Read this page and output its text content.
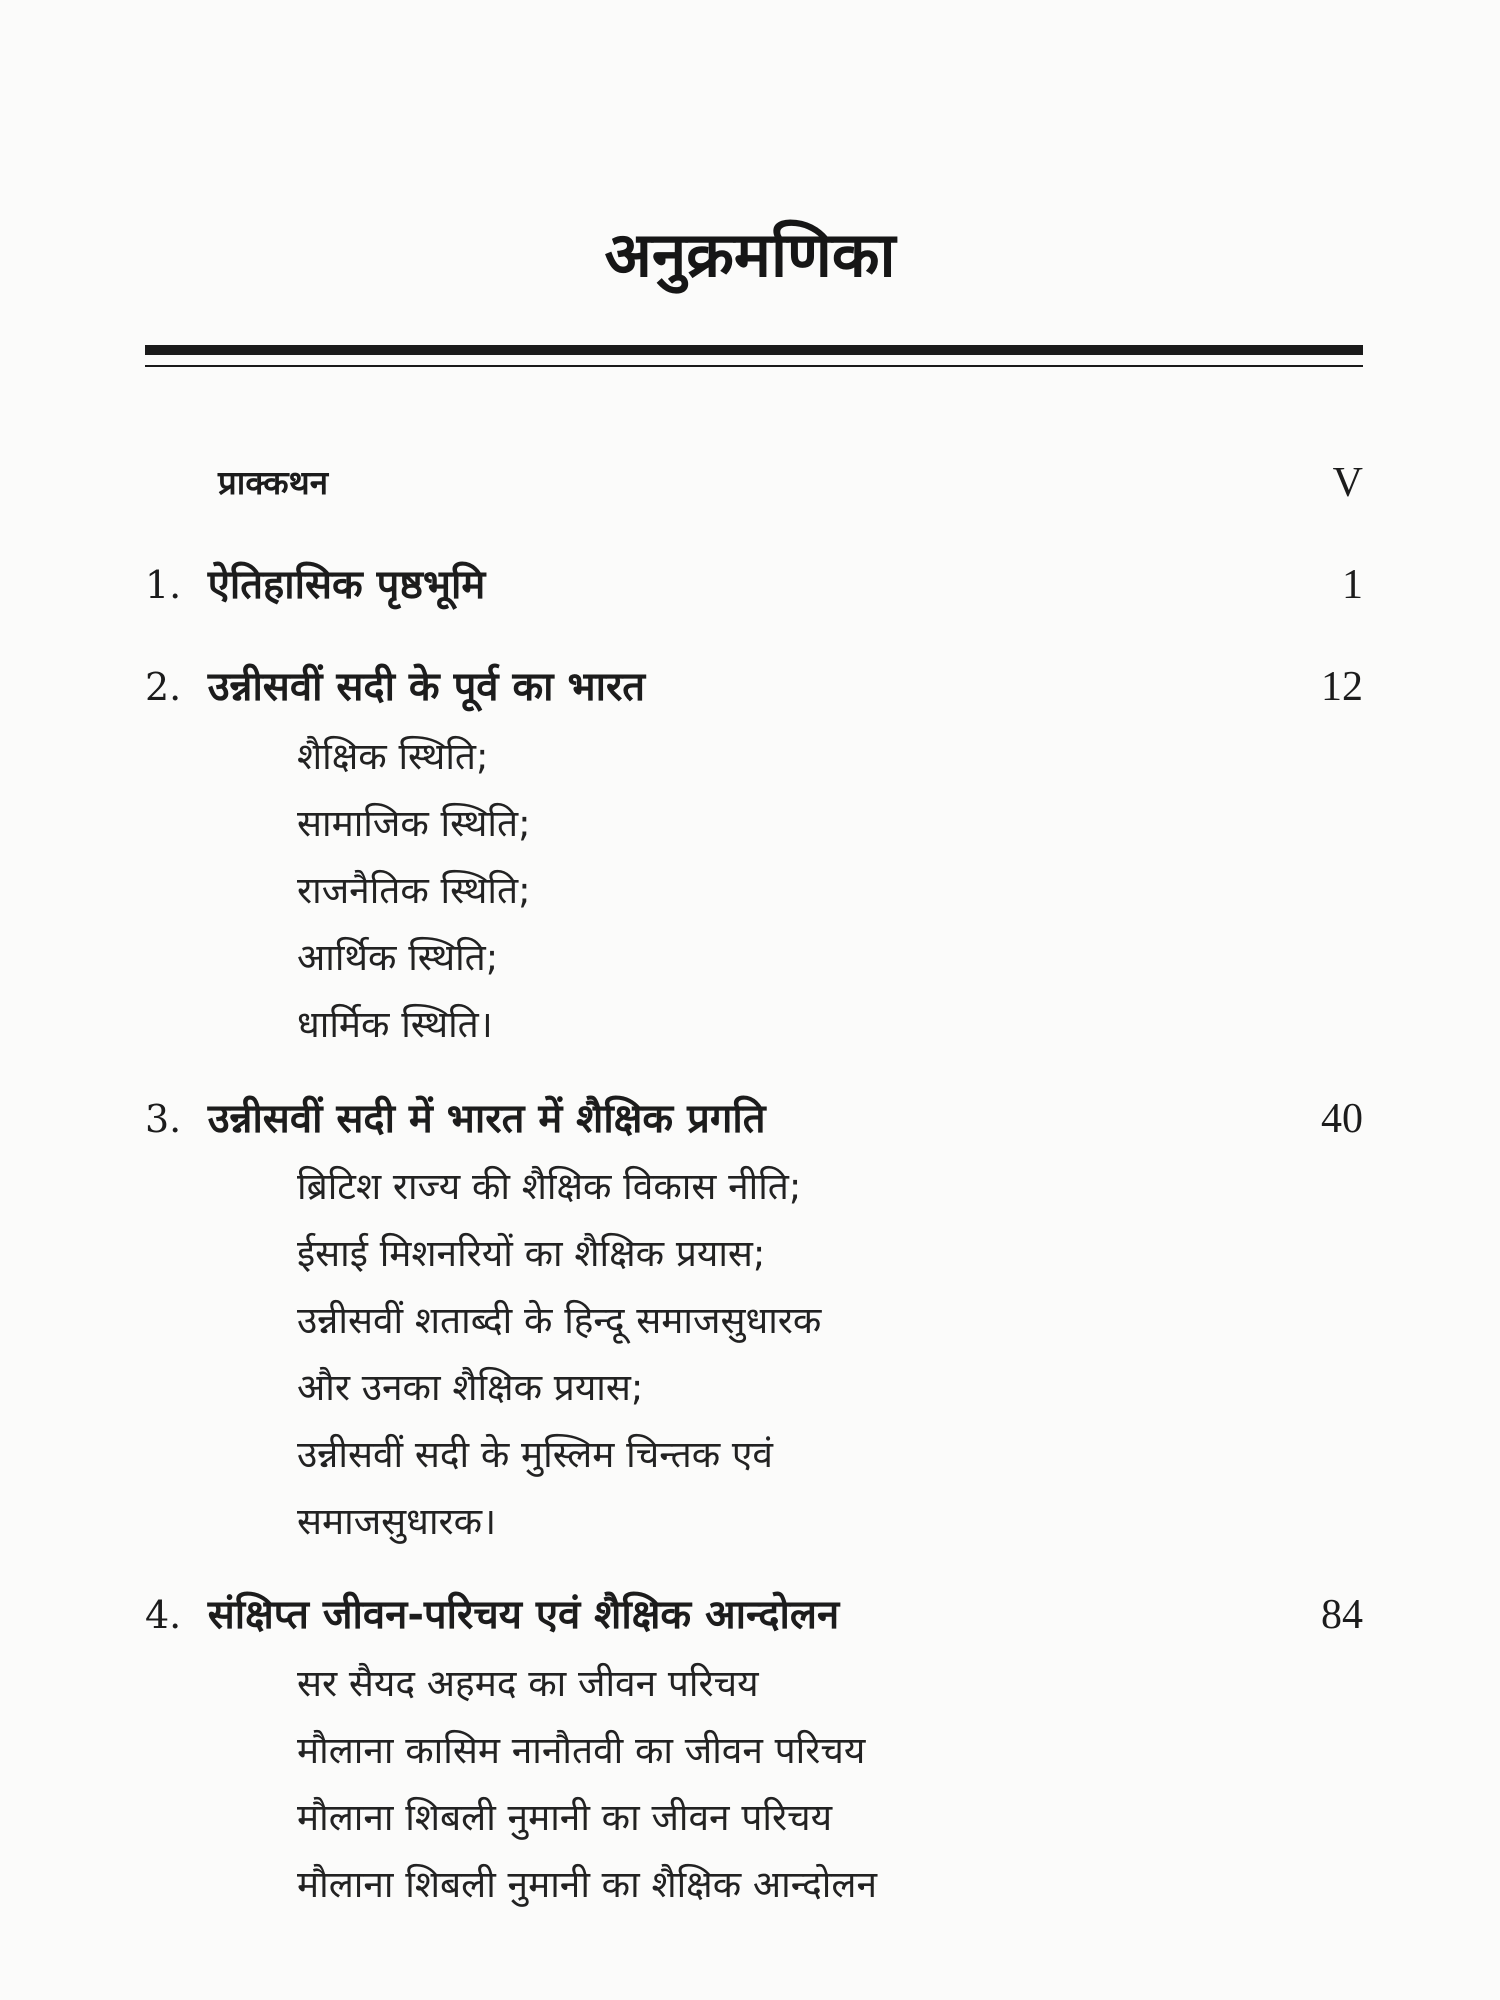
अनुक्रमणिका
प्राक्कथन	V
1. ऐतिहासिक पृष्ठभूमि	1
2. उन्नीसवीं सदी के पूर्व का भारत	12
शैक्षिक स्थिति;
सामाजिक स्थिति;
राजनैतिक स्थिति;
आर्थिक स्थिति;
धार्मिक स्थिति।
3. उन्नीसवीं सदी में भारत में शैक्षिक प्रगति	40
ब्रिटिश राज्य की शैक्षिक विकास नीति;
ईसाई मिशनरियों का शैक्षिक प्रयास;
उन्नीसवीं शताब्दी के हिन्दू समाजसुधारक
और उनका शैक्षिक प्रयास;
उन्नीसवीं सदी के मुस्लिम चिन्तक एवं
समाजसुधारक।
4. संक्षिप्त जीवन-परिचय एवं शैक्षिक आन्दोलन	84
सर सैयद अहमद का जीवन परिचय
मौलाना कासिम नानौतवी का जीवन परिचय
मौलाना शिबली नुमानी का जीवन परिचय
मौलाना शिबली नुमानी का शैक्षिक आन्दोलन
